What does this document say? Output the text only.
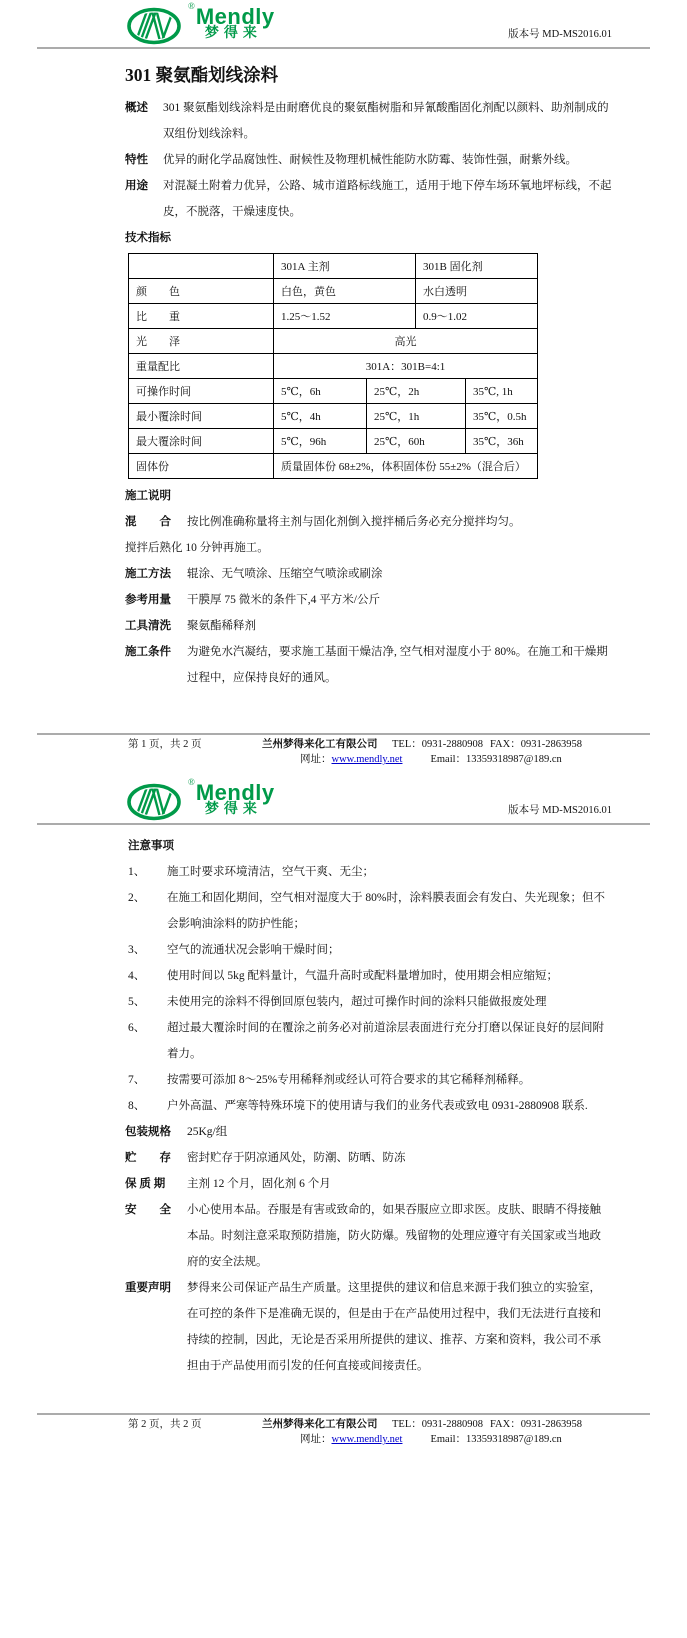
® Mendly
梦得来	版本号 MD-MS2016.01
301 聚氨酯划线涂料
概述	301 聚氨酯划线涂料是由耐磨优良的聚氨酯树脂和异氰酸酯固化剂配以颜料、助剂制成的双组份划线涂料。
特性	优异的耐化学品腐蚀性、耐候性及物理机械性能防水防霉、装饰性强，耐紫外线。
用途	对混凝土附着力优异，公路、城市道路标线施工，适用于地下停车场环氧地坪标线，不起皮，不脱落，干燥速度快。
技术指标
	301A 主剂		301B 固化剂	
颜　　色	白色，黄色		水白透明	
比　　重	1.25～1.52		0.9～1.02	
光　　泽	高光			
重量配比	301A：301B=4:1			
可操作时间	5℃，6h	25℃，2h		35℃, 1h
最小覆涂时间	5℃，4h	25℃，1h		35℃，0.5h
最大覆涂时间	5℃，96h	25℃，60h		35℃，36h
固体份	质量固体份 68±2%，体积固体份 55±2%（混合后）			
施工说明
混　　合	按比例准确称量将主剂与固化剂倒入搅拌桶后务必充分搅拌均匀。
搅拌后熟化 10 分钟再施工。
施工方法	辊涂、无气喷涂、压缩空气喷涂或刷涂
参考用量	干膜厚 75 微米的条件下,4 平方米/公斤
工具清洗	聚氨酯稀释剂
施工条件	为避免水汽凝结，要求施工基面干燥洁净, 空气相对湿度小于 80%。在施工和干燥期过程中，应保持良好的通风。
第 1 页，共 2 页	兰州梦得来化工有限公司	TEL：0931-2880908 FAX：0931-2863958
网址： www.mendly.net	Email：13359318987@189.cn
® Mendly
梦得来	版本号 MD-MS2016.01
注意事项
1、	施工时要求环境清洁，空气干爽、无尘；
2、	在施工和固化期间，空气相对湿度大于 80%时，涂料膜表面会有发白、失光现象；但不会影响油涂料的防护性能；
3、	空气的流通状况会影响干燥时间；
4、	使用时间以 5kg 配料量计，气温升高时或配料量增加时，使用期会相应缩短；
5、	未使用完的涂料不得倒回原包装内，超过可操作时间的涂料只能做报废处理
6、	超过最大覆涂时间的在覆涂之前务必对前道涂层表面进行充分打磨以保证良好的层间附着力。
7、	按需要可添加 8～25%专用稀释剂或经认可符合要求的其它稀释剂稀释。
8、	户外高温、严寒等特殊环境下的使用请与我们的业务代表或致电 0931-2880908 联系.
包装规格	25Kg/组
贮　　存	密封贮存于阴凉通风处，防潮、防晒、防冻
保 质 期	主剂 12 个月，固化剂 6 个月
安　　全	小心使用本品。吞服是有害或致命的，如果吞服应立即求医。皮肤、眼睛不得接触本品。时刻注意采取预防措施，防火防爆。残留物的处理应遵守有关国家或当地政府的安全法规。
重要声明	梦得来公司保证产品生产质量。这里提供的建议和信息来源于我们独立的实验室，在可控的条件下是准确无误的，但是由于在产品使用过程中，我们无法进行直接和持续的控制，因此，无论是否采用所提供的建议、推荐、方案和资料，我公司不承担由于产品使用而引发的任何直接或间接责任。
第 2 页，共 2 页	兰州梦得来化工有限公司	TEL：0931-2880908 FAX：0931-2863958
网址： www.mendly.net	Email：13359318987@189.cn
